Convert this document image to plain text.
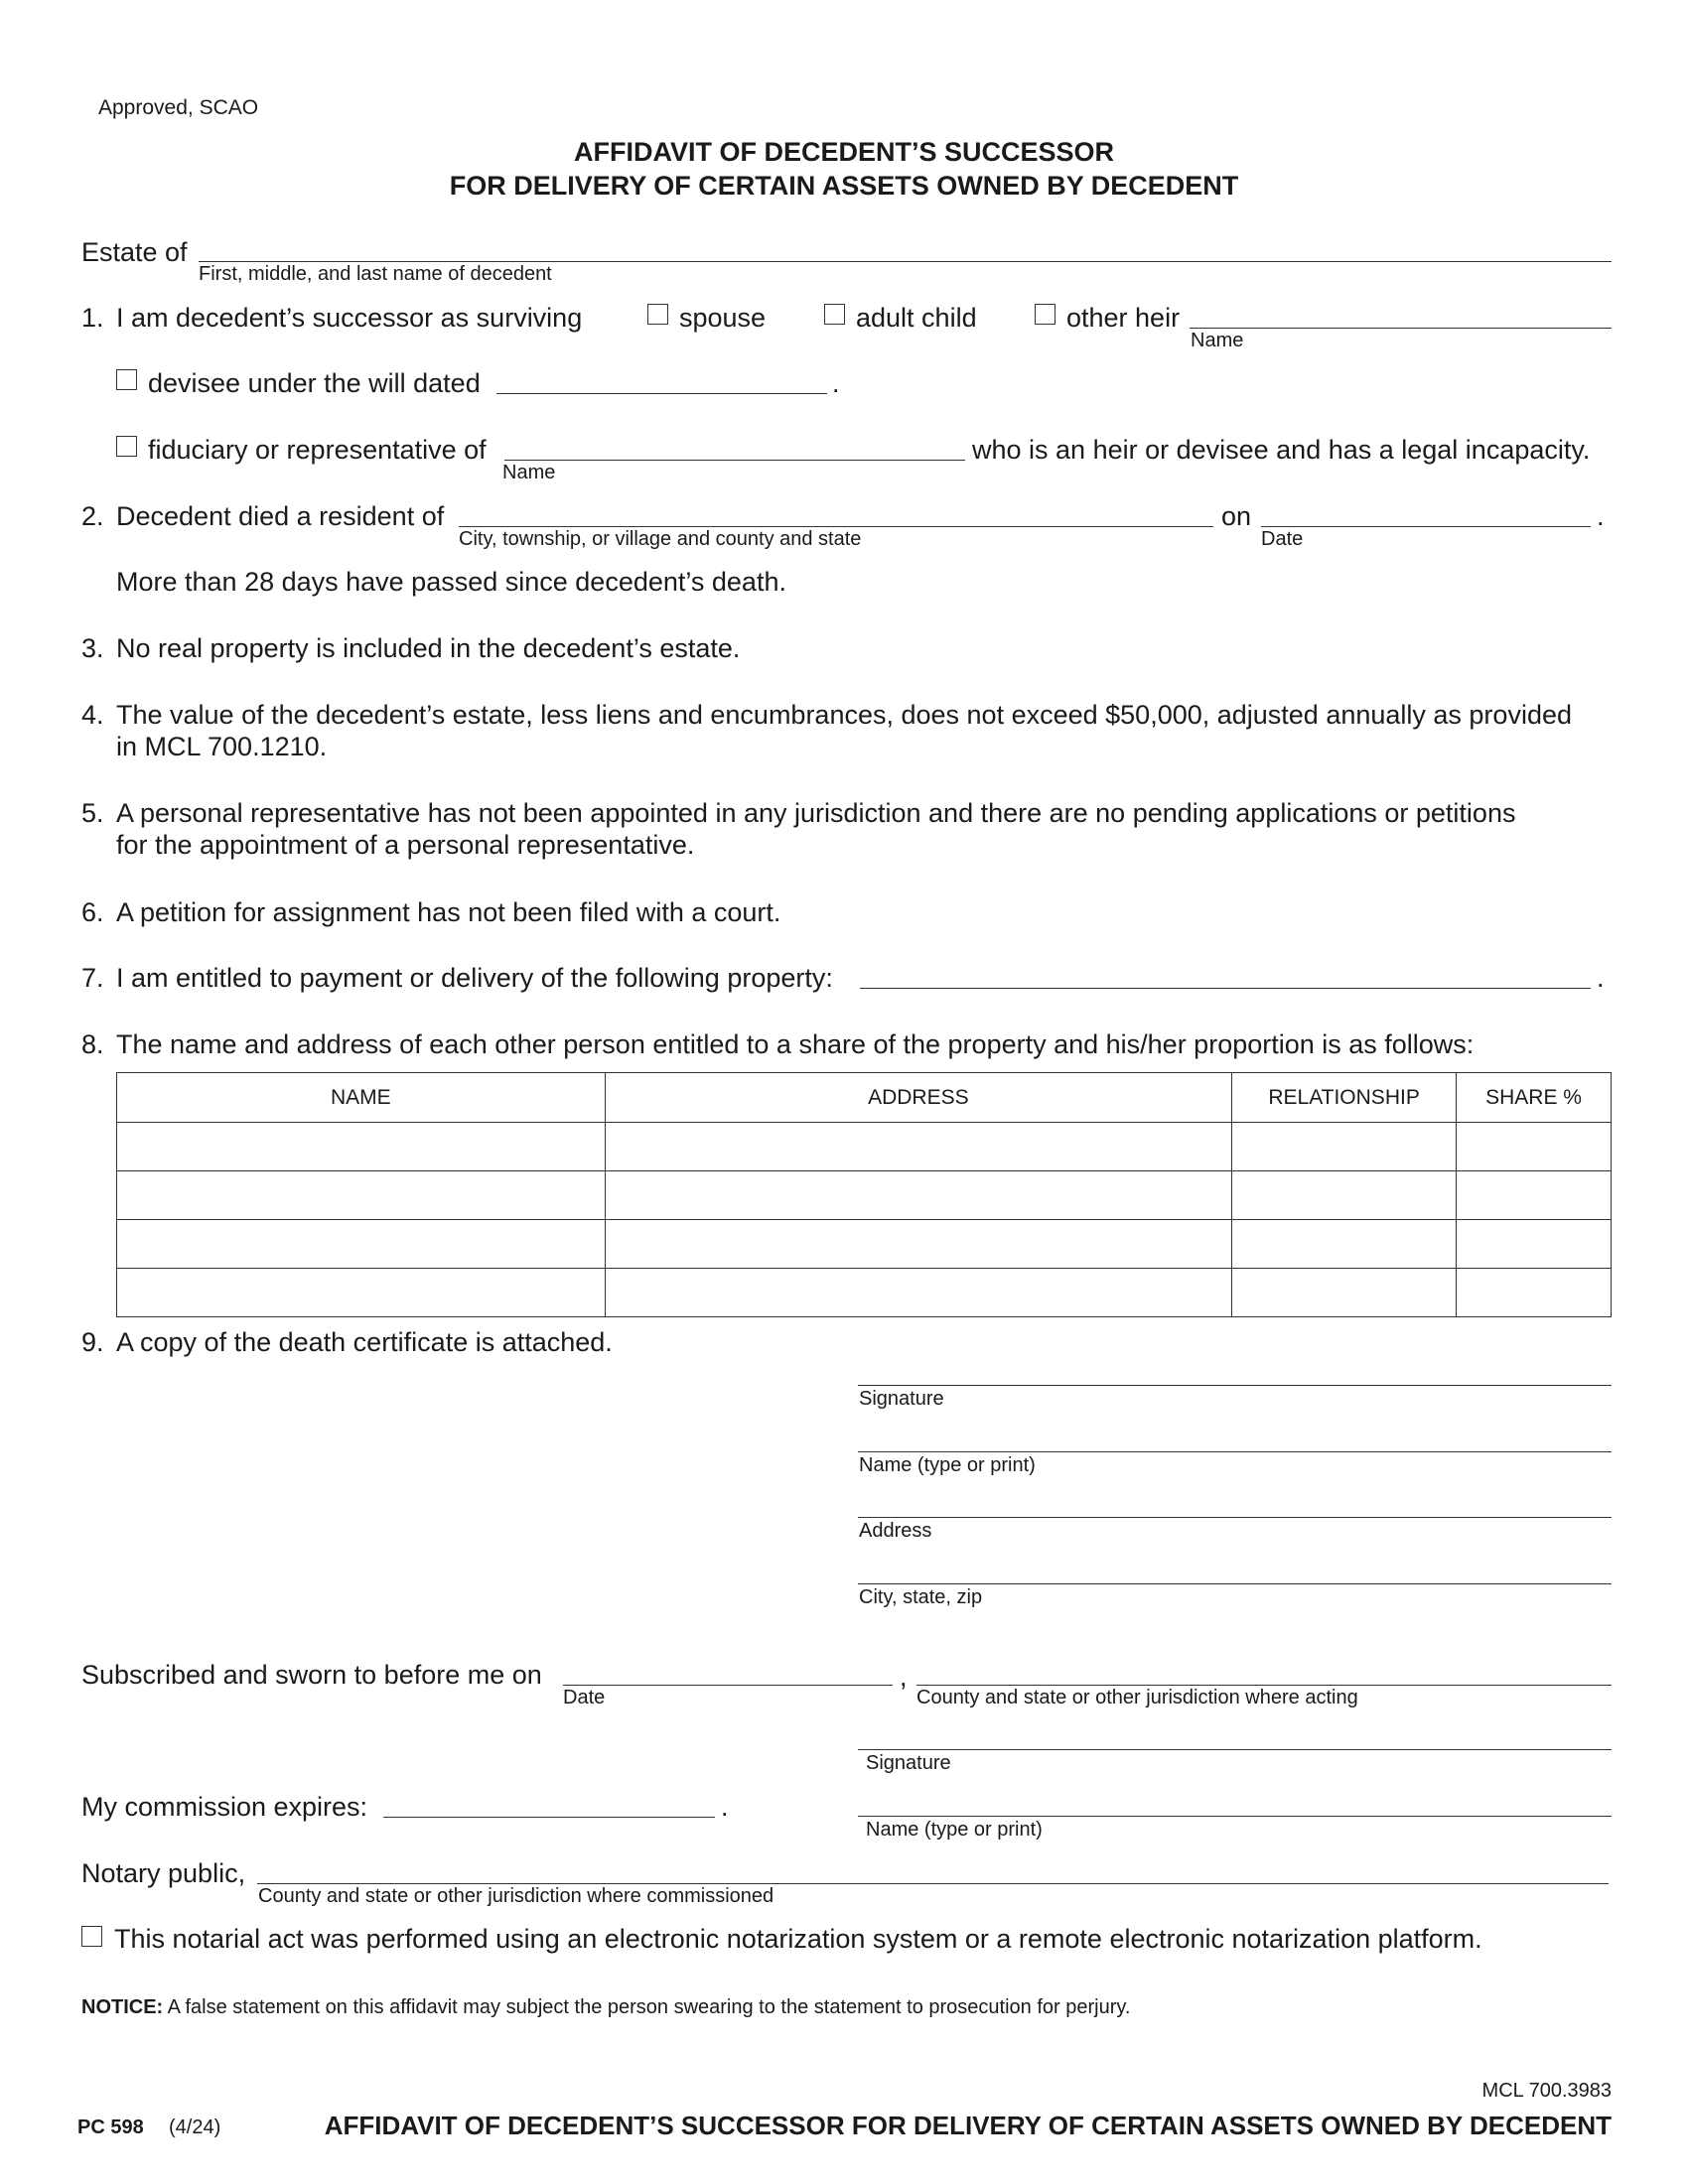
Approved, SCAO
AFFIDAVIT OF DECEDENT’S SUCCESSOR
FOR DELIVERY OF CERTAIN ASSETS OWNED BY DECEDENT
Estate of
First, middle, and last name of decedent
1. I am decedent’s successor as surviving	spouse	adult child	other heir
Name
devisee under the will dated	.
fiduciary or representative of
Name
who is an heir or devisee and has a legal incapacity.
2. Decedent died a resident of
City, township, or village and county and state
on
Date
.
More than 28 days have passed since decedent’s death.
3. No real property is included in the decedent’s estate.
4. The value of the decedent’s estate, less liens and encumbrances, does not exceed $50,000, adjusted annually as provided
in MCL 700.1210.
5. A personal representative has not been appointed in any jurisdiction and there are no pending applications or petitions
for the appointment of a personal representative.
6. A petition for assignment has not been filed with a court.
7. I am entitled to payment or delivery of the following property:	.
8. The name and address of each other person entitled to a share of the property and his/her proportion is as follows:
NAME	ADDRESS	RELATIONSHIP	SHARE %

9. A copy of the death certificate is attached.
Signature
Name (type or print)
Address
City, state, zip
Subscribed and sworn to before me on
Date
,
County and state or other jurisdiction where acting
Signature
My commission expires:	.
Name (type or print)
Notary public,
County and state or other jurisdiction where commissioned
This notarial act was performed using an electronic notarization system or a remote electronic notarization platform.
NOTICE: A false statement on this affidavit may subject the person swearing to the statement to prosecution for perjury.
MCL 700.3983
PC 598 (4/24)	AFFIDAVIT OF DECEDENT’S SUCCESSOR FOR DELIVERY OF CERTAIN ASSETS OWNED BY DECEDENT
